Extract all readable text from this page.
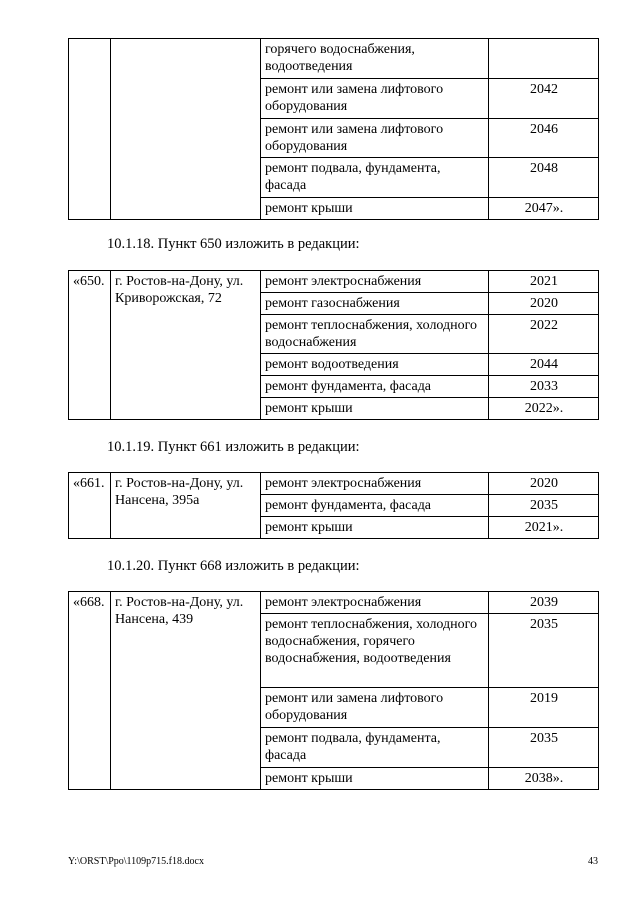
		горячего водоснабжения, водоотведения	
		ремонт или замена лифтового оборудования	2042
		ремонт или замена лифтового оборудования	2046
		ремонт подвала, фундамента, фасада	2048
		ремонт крыши	2047».
10.1.18. Пункт 650 изложить в редакции:
«650.	г. Ростов-на-Дону, ул. Криворожская, 72	ремонт электроснабжения	2021
		ремонт газоснабжения	2020
		ремонт теплоснабжения, холодного водоснабжения	2022
		ремонт водоотведения	2044
		ремонт фундамента, фасада	2033
		ремонт крыши	2022».
10.1.19. Пункт 661 изложить в редакции:
«661.	г. Ростов-на-Дону, ул. Нансена, 395а	ремонт электроснабжения	2020
		ремонт фундамента, фасада	2035
		ремонт крыши	2021».
10.1.20. Пункт 668 изложить в редакции:
«668.	г. Ростов-на-Дону, ул. Нансена, 439	ремонт электроснабжения	2039
		ремонт теплоснабжения, холодного водоснабжения, горячего водоснабжения, водоотведения	2035
		ремонт или замена лифтового оборудования	2019
		ремонт подвала, фундамента, фасада	2035
		ремонт крыши	2038».
Y:\ORST\Ppo\1109p715.f18.docx	43
